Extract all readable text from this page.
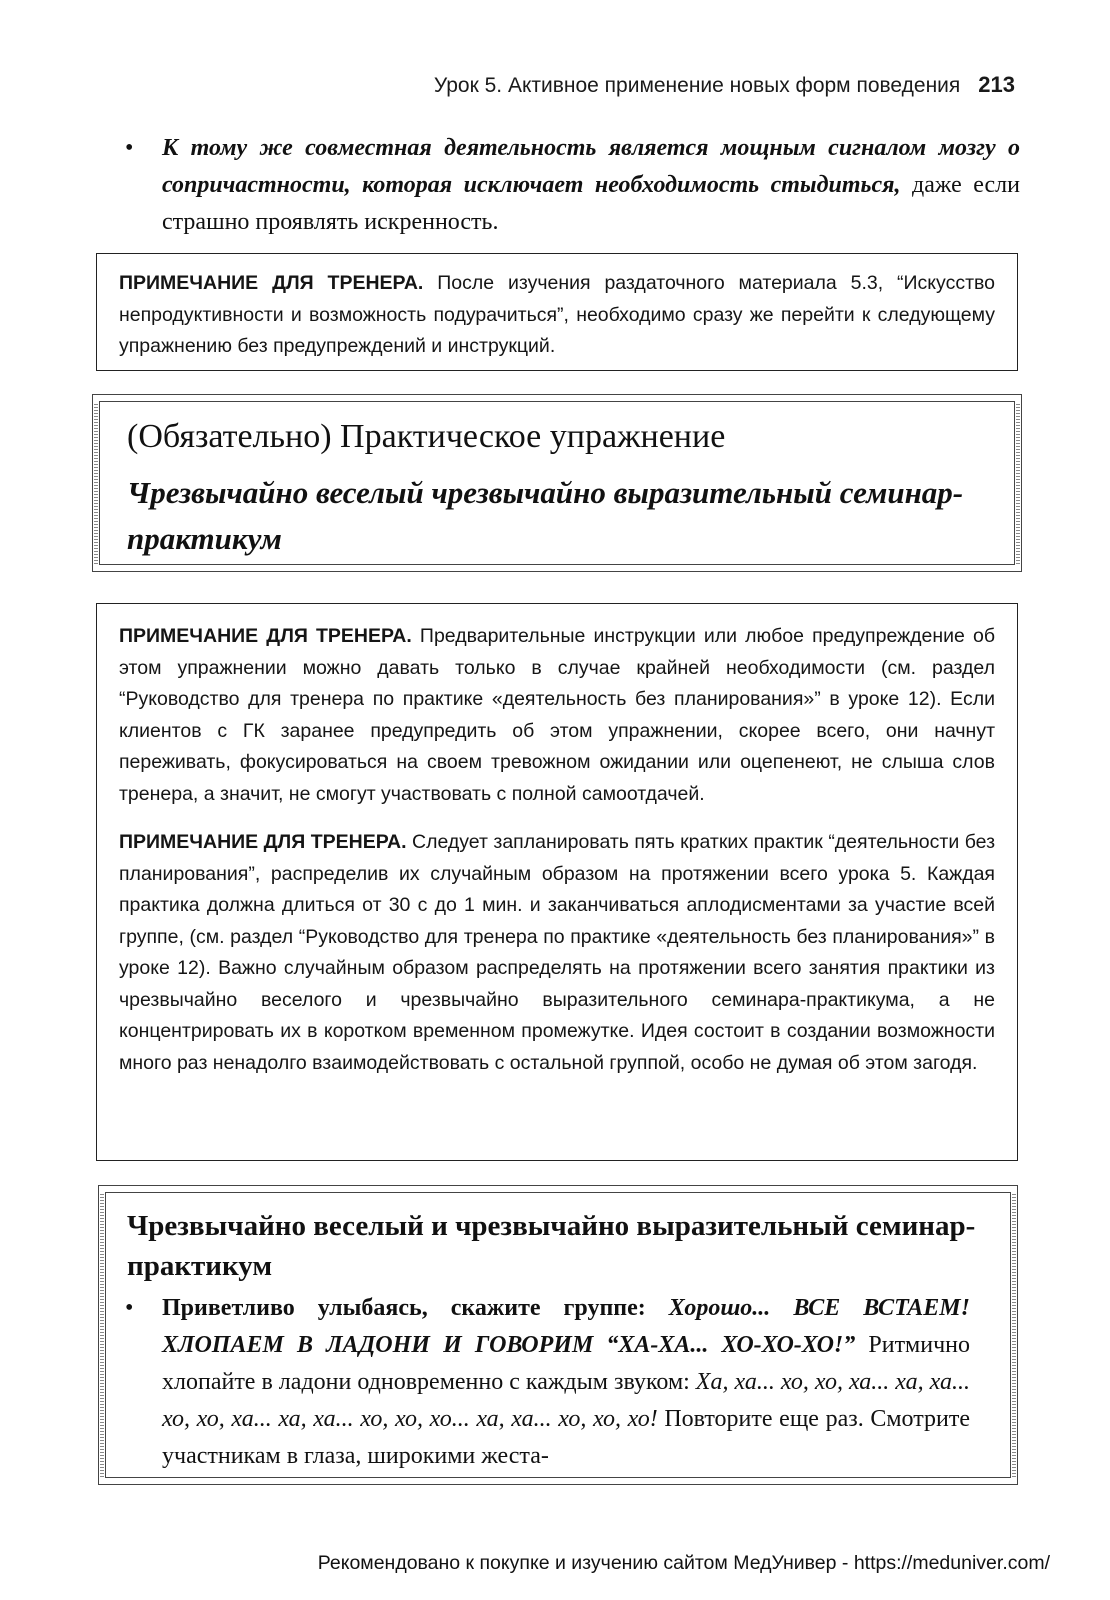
Урок 5. Активное применение новых форм поведения 213
• К тому же совместная деятельность является мощным сигналом мозгу о сопричастности, которая исключает необходимость стыдиться, даже если страшно проявлять искренность.

ПРИМЕЧАНИЕ ДЛЯ ТРЕНЕРА. После изучения раздаточного материала 5.3, “Искусство непродуктивности и возможность подурачиться”, необходимо сразу же перейти к следующему упражнению без предупреждений и инструкций.

(Обязательно) Практическое упражнение
Чрезвычайно веселый чрезвычайно выразительный семинар-практикум

ПРИМЕЧАНИЕ ДЛЯ ТРЕНЕРА. Предварительные инструкции или любое предупреждение об этом упражнении можно давать только в случае крайней необходимости (см. раздел “Руководство для тренера по практике «деятельность без планирования»” в уроке 12). Если клиентов с ГК заранее предупредить об этом упражнении, скорее всего, они начнут переживать, фокусироваться на своем тревожном ожидании или оцепенеют, не слыша слов тренера, а значит, не смогут участвовать с полной самоотдачей.

ПРИМЕЧАНИЕ ДЛЯ ТРЕНЕРА. Следует запланировать пять кратких практик “деятельности без планирования”, распределив их случайным образом на протяжении всего урока 5. Каждая практика должна длиться от 30 с до 1 мин. и заканчиваться аплодисментами за участие всей группе, (см. раздел “Руководство для тренера по практике «деятельность без планирования»” в уроке 12). Важно случайным образом распределять на протяжении всего занятия практики из чрезвычайно веселого и чрезвычайно выразительного семинара-практикума, а не концентрировать их в коротком временном промежутке. Идея состоит в создании возможности много раз ненадолго взаимодействовать с остальной группой, особо не думая об этом загодя.

Чрезвычайно веселый и чрезвычайно выразительный семинар-практикум
• Приветливо улыбаясь, скажите группе: Хорошо... ВСЕ ВСТАЕМ! ХЛОПАЕМ В ЛАДОНИ И ГОВОРИМ “ХА-ХА... ХО-ХО-ХО!” Ритмично хлопайте в ладони одновременно с каждым звуком: Ха, ха... хо, хо, ха... ха, ха... хо, хо, ха... ха, ха... хо, хо, хо... ха, ха... хо, хо, хо! Повторите еще раз. Смотрите участникам в глаза, широкими жеста-
Рекомендовано к покупке и изучению сайтом МедУнивер - https://meduniver.com/
